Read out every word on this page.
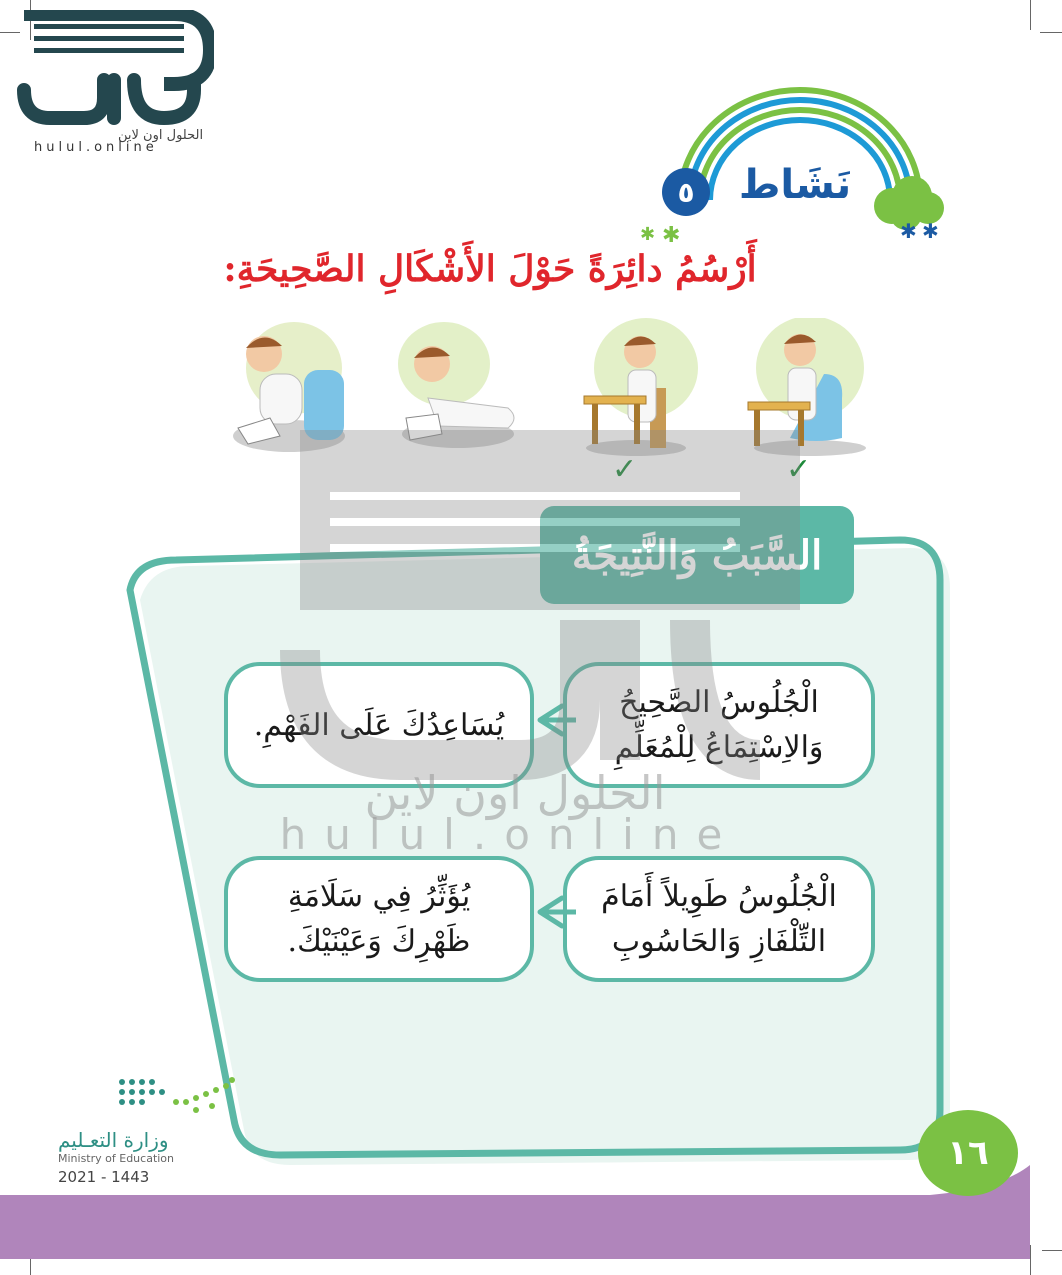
الحلول اون لاين
hulul.online
✱ ✱
✱ ✱
نَشَاط
٥
أَرْسُمُ دائِرَةً حَوْلَ الأَشْكَالِ الصَّحِيحَةِ:
✓	✓
السَّبَبُ وَالنَّتِيجَةُ
الْجُلُوسُ الصَّحِيحُ وَالاِسْتِمَاعُ لِلْمُعَلِّمِ
يُسَاعِدُكَ عَلَى الفَهْمِ.
الْجُلُوسُ طَوِيلاً أَمَامَ التِّلْفَازِ وَالحَاسُوبِ
يُؤَثِّرُ فِي سَلَامَةِ ظَهْرِكَ وَعَيْنَيْكَ.
الحلول اون لاين
hulul.online
وزارة التعـليم
Ministry of Education
2021 - 1443
١٦
